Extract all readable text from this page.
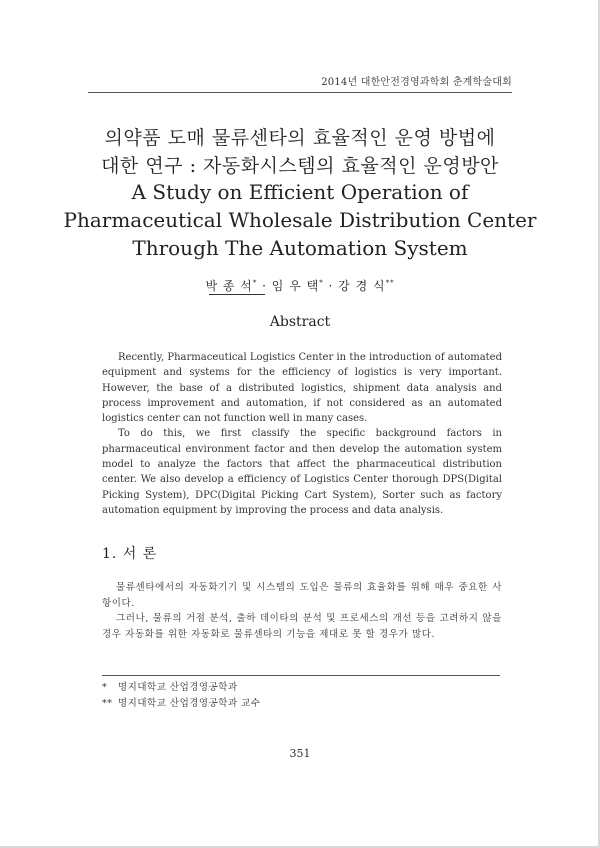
2014년 대한안전경영과학회 춘계학술대회
의약품 도매 물류센타의 효율적인 운영 방법에
대한 연구 : 자동화시스템의 효율적인 운영방안
A Study on Efficient Operation of
Pharmaceutical Wholesale Distribution Center
Through The Automation System
박 종 석* · 임 우 택* · 강 경 식**
Abstract

Recently, Pharmaceutical Logistics Center in the introduction of automated equipment and systems for the efficiency of logistics is very important. However, the base of a distributed logistics, shipment data analysis and process improvement and automation, if not considered as an automated logistics center can not function well in many cases.

To do this, we first classify the specific background factors in pharmaceutical environment factor and then develop the automation system model to analyze the factors that affect the pharmaceutical distribution center. We also develop a efficiency of Logistics Center thorough DPS(Digital Picking System), DPC(Digital Picking Cart System), Sorter such as factory automation equipment by improving the process and data analysis.

1. 서 론

물류센타에서의 자동화기기 및 시스템의 도입은 물류의 효율화를 위해 매우 중요한 사항이다.

그러나, 물류의 거점 분석, 출하 데이타의 분석 및 프로세스의 개선 등을 고려하지 않을 경우 자동화를 위한 자동화로 물류센타의 기능을 제대로 못 할 경우가 많다.

* 명지대학교 산업경영공학과
** 명지대학교 산업경영공학과 교수
351
